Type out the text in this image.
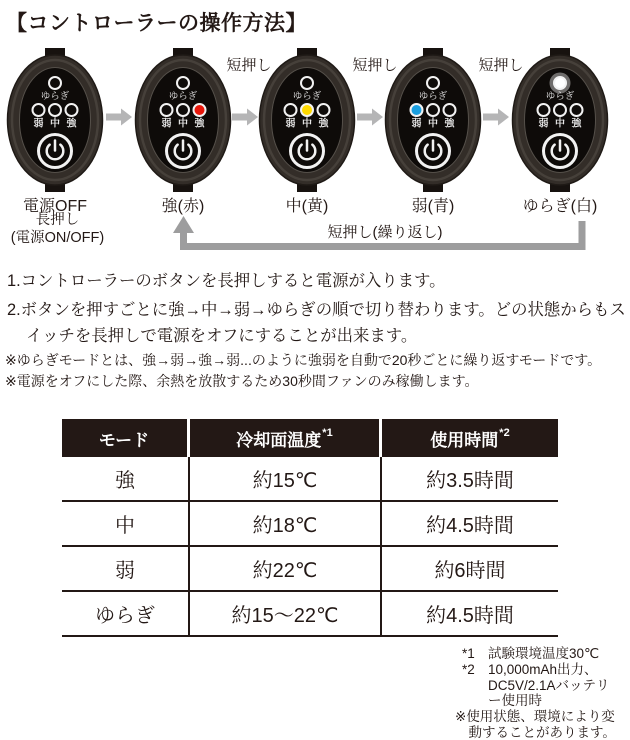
【コントローラーの操作方法】
ゆらぎ
弱 中 強
電源OFF
ゆらぎ
弱 中 強
強(赤)
ゆらぎ
弱 中 強
中(黄)
ゆらぎ
弱 中 強
弱(青)
ゆらぎ
弱 中 強
ゆらぎ(白)
短押し	短押し	短押し
長押し
(電源ON/OFF)	短押し(繰り返し)
1.コントローラーのボタンを長押しすると電源が入ります。
2.ボタンを押すごとに強→中→弱→ゆらぎの順で切り替わります。どの状態からもスイッチを長押しで電源をオフにすることが出来ます。
※ゆらぎモードとは、強→弱→強→弱...のように強弱を自動で20秒ごとに繰り返すモードです。
※電源をオフにした際、余熱を放散するため30秒間ファンのみ稼働します。
モード	冷却面温度 *1	使用時間 *2
強	約15℃	約3.5時間
中	約18℃	約4.5時間
弱	約22℃	約6時間
ゆらぎ	約15〜22℃	約4.5時間
*1 試験環境温度30℃
*2 10,000mAh出力、DC5V/2.1Aバッテリー使用時
※使用状態、環境により変動することがあります。
